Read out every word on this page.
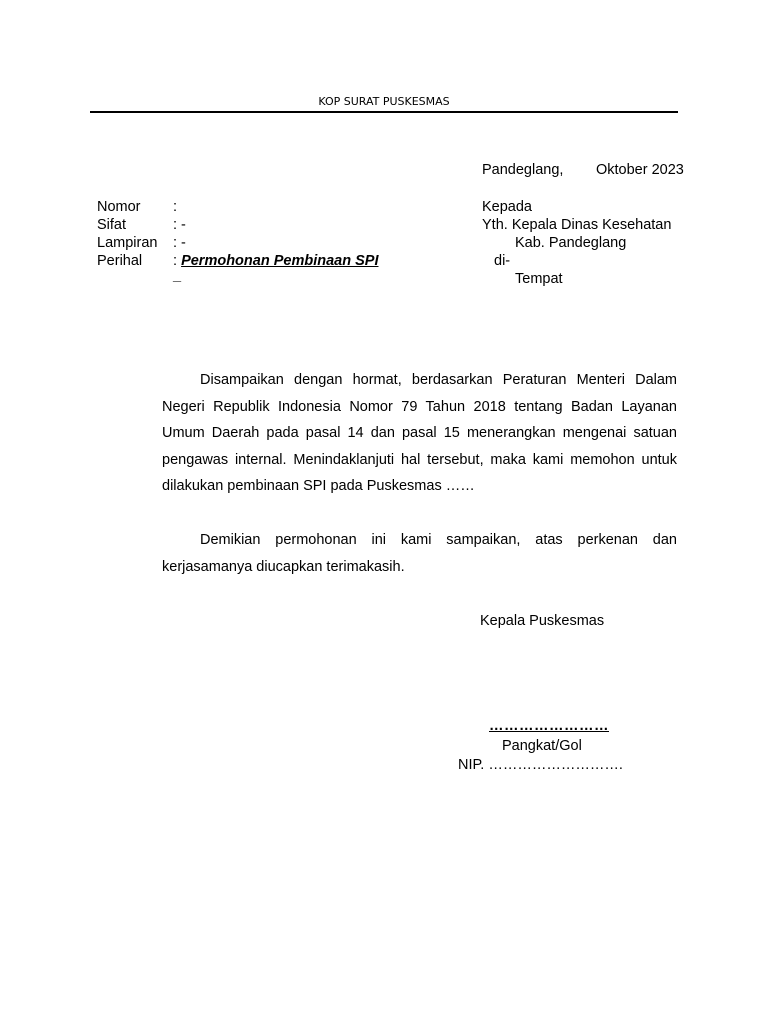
KOP SURAT PUSKESMAS
Pandeglang, Oktober 2023
Nomor :
Sifat	: -
Lampiran : -
Perihal : Permohonan Pembinaan SPI
_
Kepada
Yth. Kepala Dinas Kesehatan
Kab. Pandeglang
di-
Tempat
Disampaikan dengan hormat, berdasarkan Peraturan Menteri Dalam Negeri Republik Indonesia Nomor 79 Tahun 2018 tentang Badan Layanan Umum Daerah pada pasal 14 dan pasal 15 menerangkan mengenai satuan pengawas internal. Menindaklanjuti hal tersebut, maka kami memohon untuk dilakukan pembinaan SPI pada Puskesmas ……
Demikian permohonan ini kami sampaikan, atas perkenan dan kerjasamanya diucapkan terimakasih.
Kepala Puskesmas
……………………
Pangkat/Gol
NIP. ……………………….
